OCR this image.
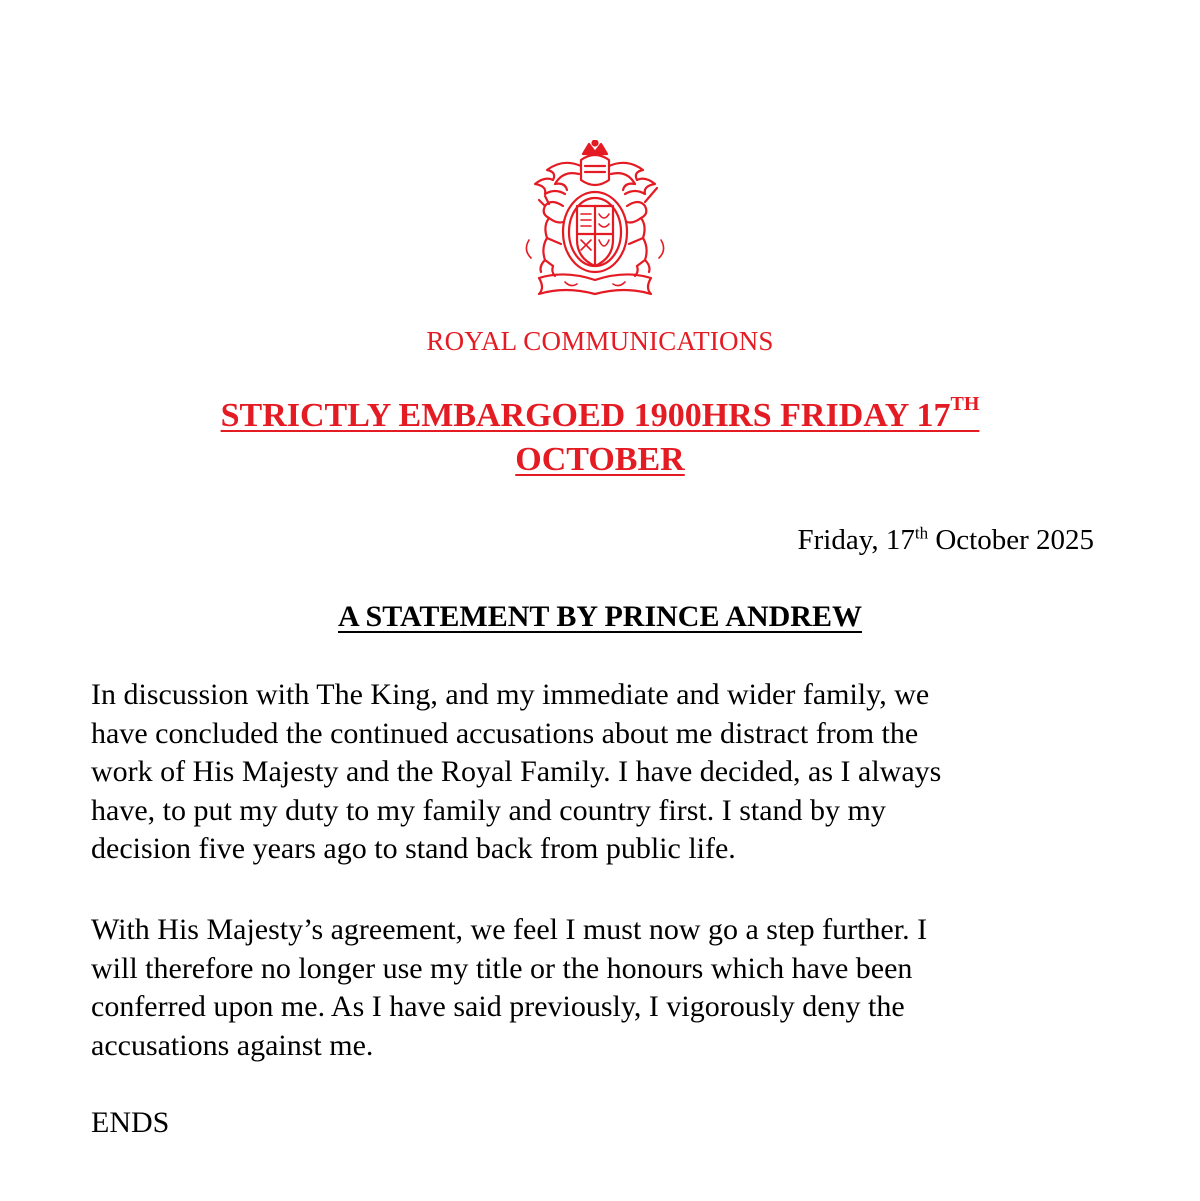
ROYAL COMMUNICATIONS
STRICTLY EMBARGOED 1900HRS FRIDAY 17TH
OCTOBER
Friday, 17th October 2025
A STATEMENT BY PRINCE ANDREW

In discussion with The King, and my immediate and wider family, we
have concluded the continued accusations about me distract from the
work of His Majesty and the Royal Family. I have decided, as I always
have, to put my duty to my family and country first. I stand by my
decision five years ago to stand back from public life.

With His Majesty’s agreement, we feel I must now go a step further. I
will therefore no longer use my title or the honours which have been
conferred upon me. As I have said previously, I vigorously deny the
accusations against me.

ENDS
